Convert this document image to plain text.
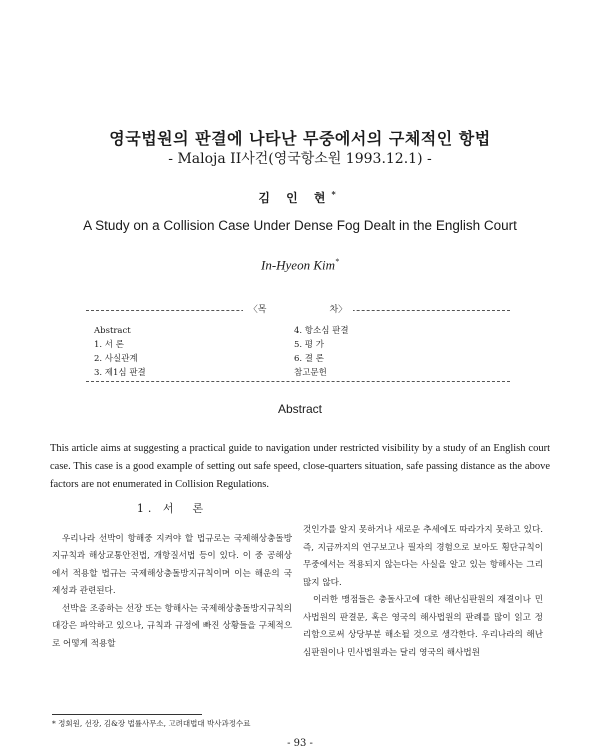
영국법원의 판결에 나타난 무중에서의 구체적인 항법
- Maloja II사건(영국항소원 1993.12.1) -
김 인 현*
A Study on a Collision Case Under Dense Fog Dealt in the English Court
In-Hyeon Kim*
〈목　　　　　　　차〉
Abstract
1. 서 론
2. 사실관계
3. 제1심 판결
4. 항소심 판결
5. 평 가
6. 결 론
참고문헌
Abstract
This article aims at suggesting a practical guide to navigation under restricted visibility by a study of an English court case. This case is a good example of setting out safe speed, close-quarters situation, safe passing distance as the above factors are not enumerated in Collision Regulations.
1. 서　론

우리나라 선박이 항해중 지켜야 할 법규로는 국제해상충돌방지규칙과 해상교통안전법, 개항질서법 등이 있다. 이 중 공해상에서 적용할 법규는 국제해상충돌방지규칙이며 이는 해운의 국제성과 관련된다.

선박을 조종하는 선장 또는 항해사는 국제해상충돌방지규칙의 대강은 파악하고 있으나, 규칙과 규정에 빠진 상황들을 구체적으로 어떻게 적용할

것인가를 알지 못하거나 새로운 추세에도 따라가지 못하고 있다. 즉, 지금까지의 연구보고나 필자의 경험으로 보아도 횡단규칙이 무중에서는 적용되지 않는다는 사실을 알고 있는 항해사는 그리 많지 않다.

이러한 맹점들은 충돌사고에 대한 해난심판원의 재결이나 민사법원의 판결문, 혹은 영국의 해사법원의 판례를 많이 읽고 정리함으로써 상당부분 해소될 것으로 생각한다. 우리나라의 해난심판원이나 민사법원과는 달리 영국의 해사법원

* 정회원, 선장, 김&장 법률사무소, 고려대법대 박사과정수료
- 93 -
